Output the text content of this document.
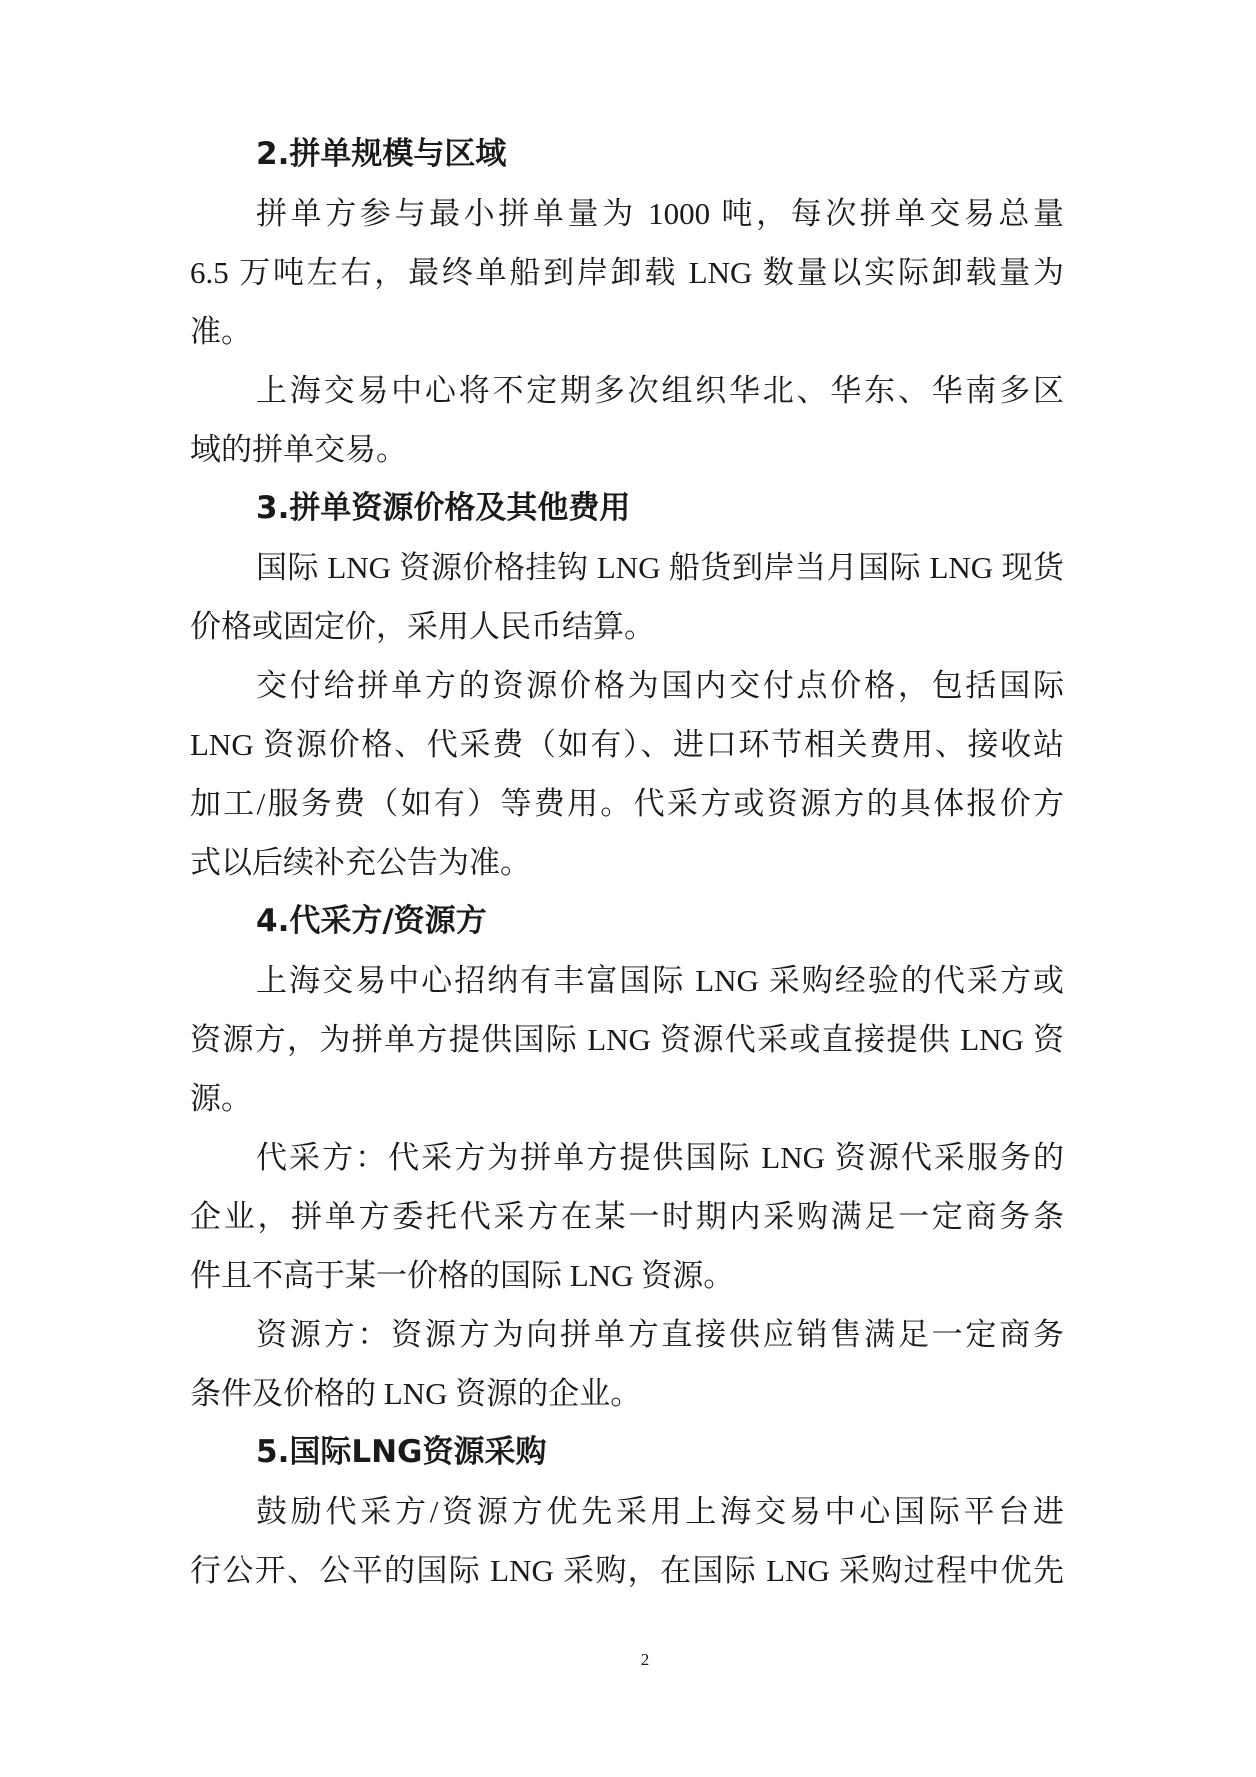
2.拼单规模与区域
拼单方参与最小拼单量为 1000 吨，每次拼单交易总量
6.5 万吨左右，最终单船到岸卸载 LNG 数量以实际卸载量为
准。
上海交易中心将不定期多次组织华北、华东、华南多区
域的拼单交易。
3.拼单资源价格及其他费用
国际 LNG 资源价格挂钩 LNG 船货到岸当月国际 LNG 现货
价格或固定价，采用人民币结算。
交付给拼单方的资源价格为国内交付点价格，包括国际
LNG 资源价格、代采费（如有）、进口环节相关费用、接收站
加工/服务费（如有）等费用。代采方或资源方的具体报价方
式以后续补充公告为准。
4.代采方/资源方
上海交易中心招纳有丰富国际 LNG 采购经验的代采方或
资源方，为拼单方提供国际 LNG 资源代采或直接提供 LNG 资
源。
代采方：代采方为拼单方提供国际 LNG 资源代采服务的
企业，拼单方委托代采方在某一时期内采购满足一定商务条
件且不高于某一价格的国际 LNG 资源。
资源方：资源方为向拼单方直接供应销售满足一定商务
条件及价格的 LNG 资源的企业。
5.国际LNG资源采购
鼓励代采方/资源方优先采用上海交易中心国际平台进
行公开、公平的国际 LNG 采购，在国际 LNG 采购过程中优先
2
